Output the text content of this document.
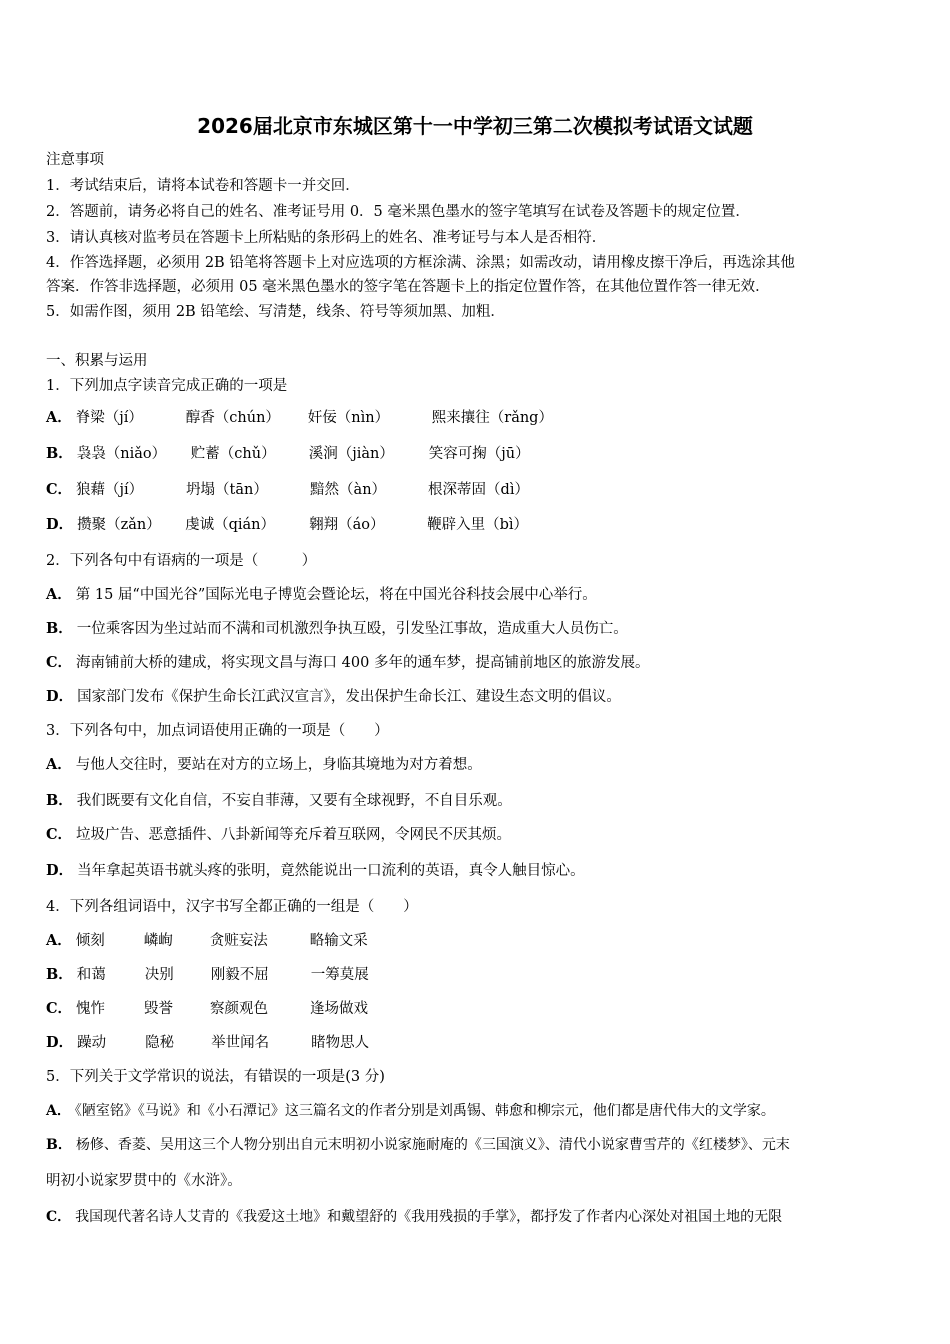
2026届北京市东城区第十一中学初三第二次模拟考试语文试题
注意事项
1．考试结束后，请将本试卷和答题卡一并交回．
2．答题前，请务必将自己的姓名、准考证号用 0．5 毫米黑色墨水的签字笔填写在试卷及答题卡的规定位置．
3．请认真核对监考员在答题卡上所粘贴的条形码上的姓名、准考证号与本人是否相符．
4．作答选择题，必须用 2B 铅笔将答题卡上对应选项的方框涂满、涂黑；如需改动，请用橡皮擦干净后，再选涂其他
答案．作答非选择题，必须用 05 毫米黑色墨水的签字笔在答题卡上的指定位置作答，在其他位置作答一律无效．
5．如需作图，须用 2B 铅笔绘、写清楚，线条、符号等须加黑、加粗．
一、积累与运用
1．下列加点字读音完成正确的一项是
A． 脊梁（jí）	醇香（chún） 奸佞（nìn）	熙来攘往（rǎng）
B． 袅袅（niǎo） 贮蓄（chǔ） 溪涧（jiàn） 笑容可掬（jū）
C． 狼藉（jí）	坍塌（tān）	黯然（àn）	根深蒂固（dì）
D． 攒聚（zǎn） 虔诚（qián） 翱翔（áo）	鞭辟入里（bì）
2．下列各句中有语病的一项是（　　　）
A． 第 15 届“中国光谷”国际光电子博览会暨论坛，将在中国光谷科技会展中心举行。
B． 一位乘客因为坐过站而不满和司机激烈争执互殴，引发坠江事故，造成重大人员伤亡。
C． 海南铺前大桥的建成，将实现文昌与海口 400 多年的通车梦，提高铺前地区的旅游发展。
D． 国家部门发布《保护生命长江武汉宣言》，发出保护生命长江、建设生态文明的倡议。
3．下列各句中，加点词语使用正确的一项是（　　）
A． 与他人交往时，要站在对方的立场上，身临其境地为对方着想。
B． 我们既要有文化自信，不妄自菲薄，又要有全球视野，不自目乐观。
C． 垃圾广告、恶意插件、八卦新闻等充斥着互联网，令网民不厌其烦。
D． 当年拿起英语书就头疼的张明，竟然能说出一口流利的英语，真令人触目惊心。
4．下列各组词语中，汉字书写全都正确的一组是（　　）
A． 倾刻	嶙峋	贪赃妄法	略输文采
B． 和蔼	决别	刚毅不屈	一筹莫展
C． 愧怍	毁誉	察颜观色	逢场做戏
D． 躁动	隐秘	举世闻名	睹物思人
5．下列关于文学常识的说法，有错误的一项是(3 分)
A． 《陋室铭》《马说》和《小石潭记》这三篇名文的作者分别是刘禹锡、韩愈和柳宗元，他们都是唐代伟大的文学家。
B． 杨修、香菱、吴用这三个人物分别出自元末明初小说家施耐庵的《三国演义》、清代小说家曹雪芹的《红楼梦》、元末
明初小说家罗贯中的《水浒》。
C． 我国现代著名诗人艾青的《我爱这土地》和戴望舒的《我用残损的手掌》，都抒发了作者内心深处对祖国土地的无限
